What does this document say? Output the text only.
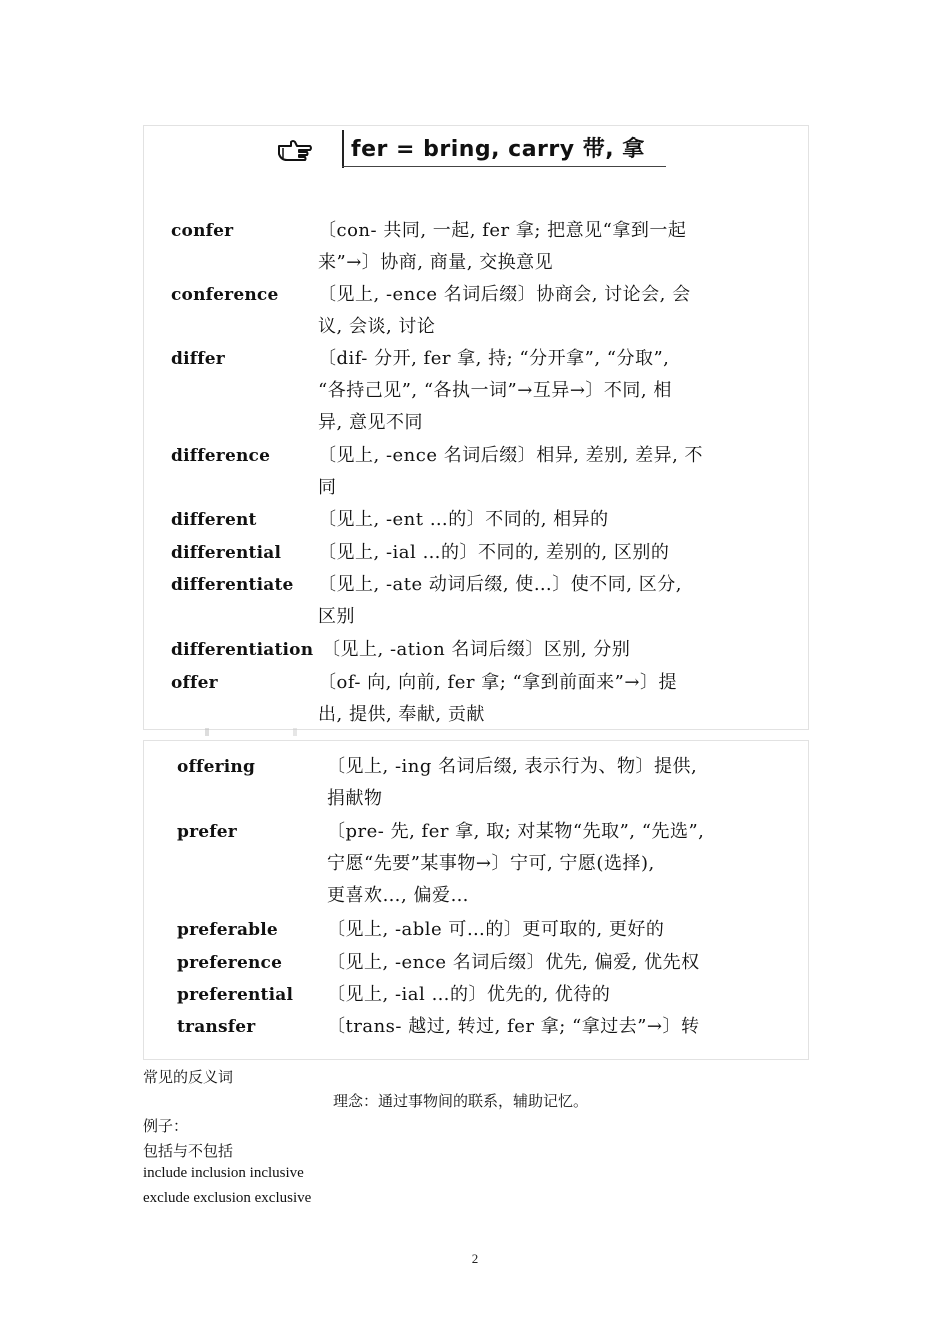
fer = bring, carry 带, 拿
confer	〔con- 共同, 一起, fer 拿; 把意见“拿到一起
来”→〕协商, 商量, 交换意见
conference 〔见上, -ence 名词后缀〕协商会, 讨论会, 会
议, 会谈, 讨论
differ	〔dif- 分开, fer 拿, 持; “分开拿”, “分取”,
“各持己见”, “各执一词”→互异→〕不同, 相
异, 意见不同
difference	〔见上, -ence 名词后缀〕相异, 差别, 差异, 不
同
different	〔见上, -ent …的〕不同的, 相异的
differential 〔见上, -ial …的〕不同的, 差别的, 区别的
differentiate 〔见上, -ate 动词后缀, 使…〕使不同, 区分,
区别
differentiation 〔见上, -ation 名词后缀〕区别, 分别
offer	〔of- 向, 向前, fer 拿; “拿到前面来”→〕提
出, 提供, 奉献, 贡献
offering	〔见上, -ing 名词后缀, 表示行为、物〕提供,
捐献物
prefer	〔pre- 先, fer 拿, 取; 对某物“先取”, “先选”,
宁愿“先要”某事物→〕宁可, 宁愿(选择),
更喜欢…, 偏爱…
preferable	〔见上, -able 可…的〕更可取的, 更好的
preference 〔见上, -ence 名词后缀〕优先, 偏爱, 优先权
preferential 〔见上, -ial …的〕优先的, 优待的
transfer	〔trans- 越过, 转过, fer 拿; “拿过去”→〕转
常见的反义词
理念：通过事物间的联系，辅助记忆。
例子：
包括与不包括
include inclusion inclusive
exclude exclusion exclusive
2
